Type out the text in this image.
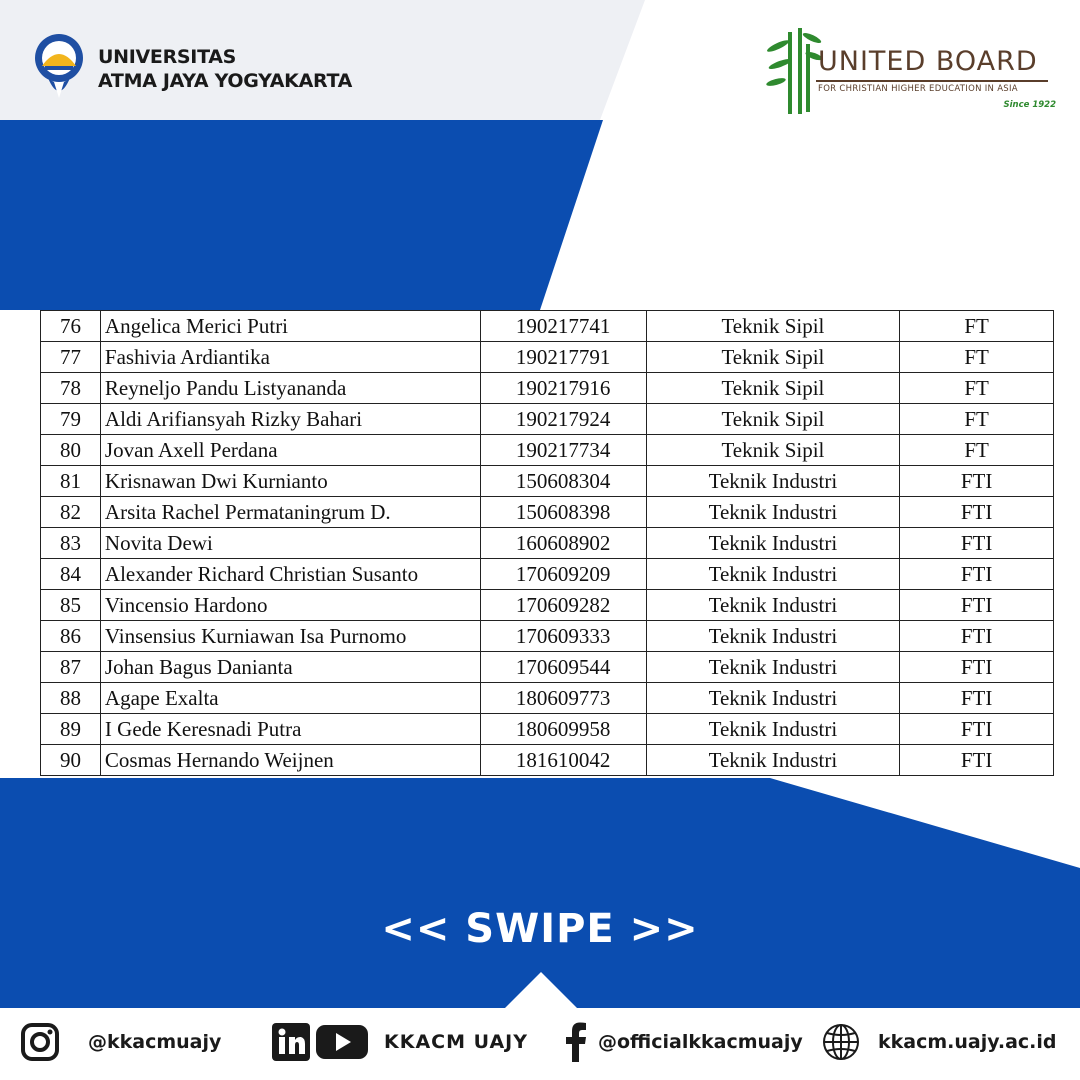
UNIVERSITAS
ATMA JAYA YOGYAKARTA
UNITED BOARD
FOR CHRISTIAN HIGHER EDUCATION IN ASIA
Since 1922
76	Angelica Merici Putri	190217741	Teknik Sipil	FT
77	Fashivia Ardiantika	190217791	Teknik Sipil	FT
78	Reyneljo Pandu Listyananda	190217916	Teknik Sipil	FT
79	Aldi Arifiansyah Rizky Bahari	190217924	Teknik Sipil	FT
80	Jovan Axell Perdana	190217734	Teknik Sipil	FT
81	Krisnawan Dwi Kurnianto	150608304	Teknik Industri	FTI
82	Arsita Rachel Permataningrum D.	150608398	Teknik Industri	FTI
83	Novita Dewi	160608902	Teknik Industri	FTI
84	Alexander Richard Christian Susanto	170609209	Teknik Industri	FTI
85	Vincensio Hardono	170609282	Teknik Industri	FTI
86	Vinsensius Kurniawan Isa Purnomo	170609333	Teknik Industri	FTI
87	Johan Bagus Danianta	170609544	Teknik Industri	FTI
88	Agape Exalta	180609773	Teknik Industri	FTI
89	I Gede Keresnadi Putra	180609958	Teknik Industri	FTI
90	Cosmas Hernando Weijnen	181610042	Teknik Industri	FTI
<< SWIPE >>
@kkacmuajy	KKACM UAJY	@officialkkacmuajy	kkacm.uajy.ac.id
